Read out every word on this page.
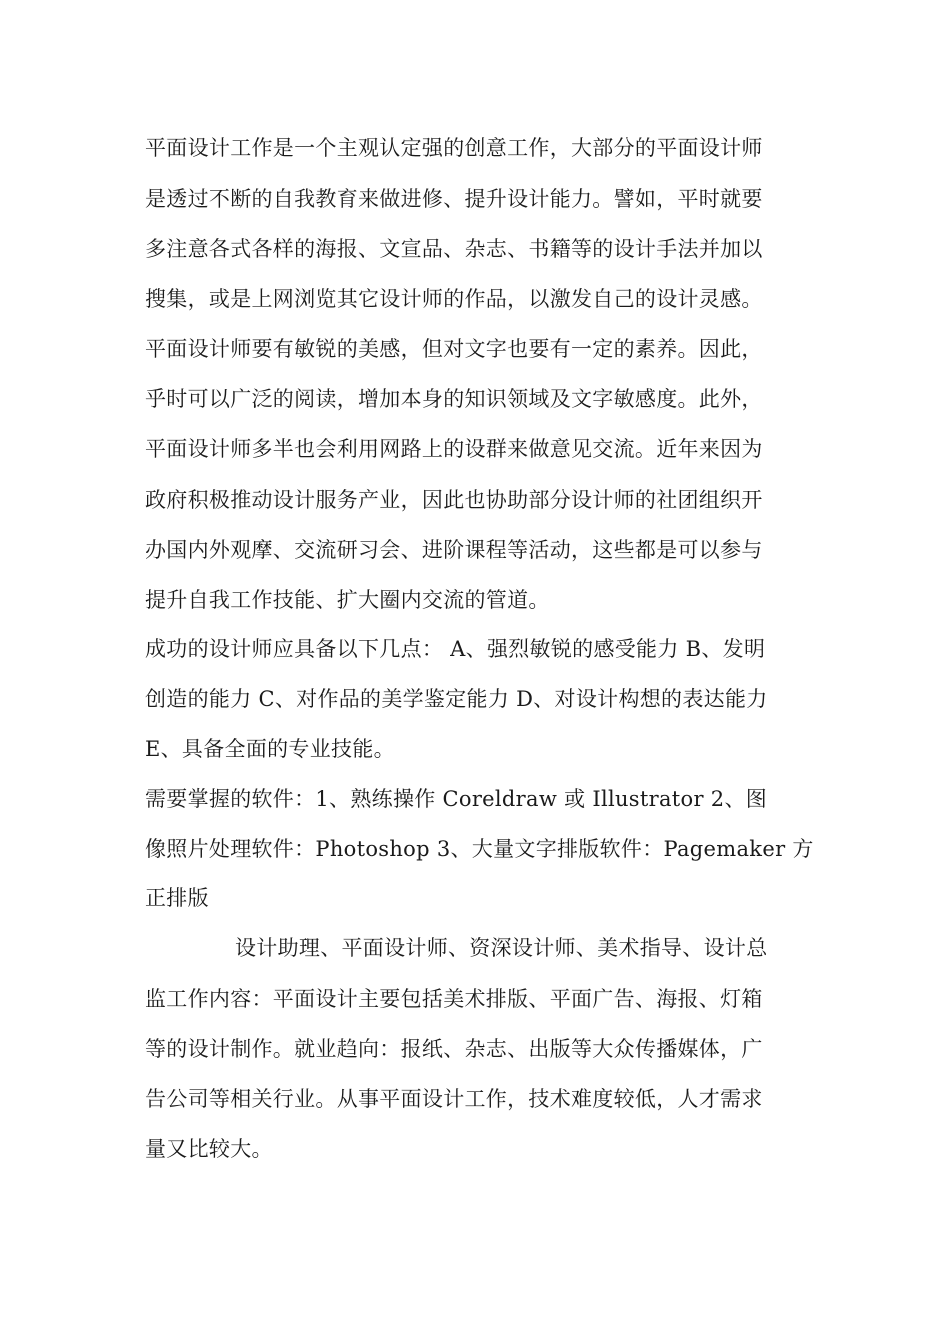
平面设计工作是一个主观认定强的创意工作，大部分的平面设计师

是透过不断的自我教育来做进修、提升设计能力。譬如，平时就要

多注意各式各样的海报、文宣品、杂志、书籍等的设计手法并加以

搜集，或是上网浏览其它设计师的作品，以激发自己的设计灵感。

平面设计师要有敏锐的美感，但对文字也要有一定的素养。因此，

乎时可以广泛的阅读，增加本身的知识领域及文字敏感度。此外，

平面设计师多半也会利用网路上的设群来做意见交流。近年来因为

政府积极推动设计服务产业，因此也协助部分设计师的社团组织开

办国内外观摩、交流研习会、进阶课程等活动，这些都是可以参与

提升自我工作技能、扩大圈内交流的管道。

成功的设计师应具备以下几点： A、强烈敏锐的感受能力 B、发明

创造的能力 C、对作品的美学鉴定能力 D、对设计构想的表达能力

E、具备全面的专业技能。

需要掌握的软件：1、熟练操作 Coreldraw 或 Illustrator 2、图

像照片处理软件：Photoshop 3、大量文字排版软件：Pagemaker 方

正排版

设计助理、平面设计师、资深设计师、美术指导、设计总

监工作内容：平面设计主要包括美术排版、平面广告、海报、灯箱

等的设计制作。就业趋向：报纸、杂志、出版等大众传播媒体，广

告公司等相关行业。从事平面设计工作，技术难度较低，人才需求

量又比较大。
